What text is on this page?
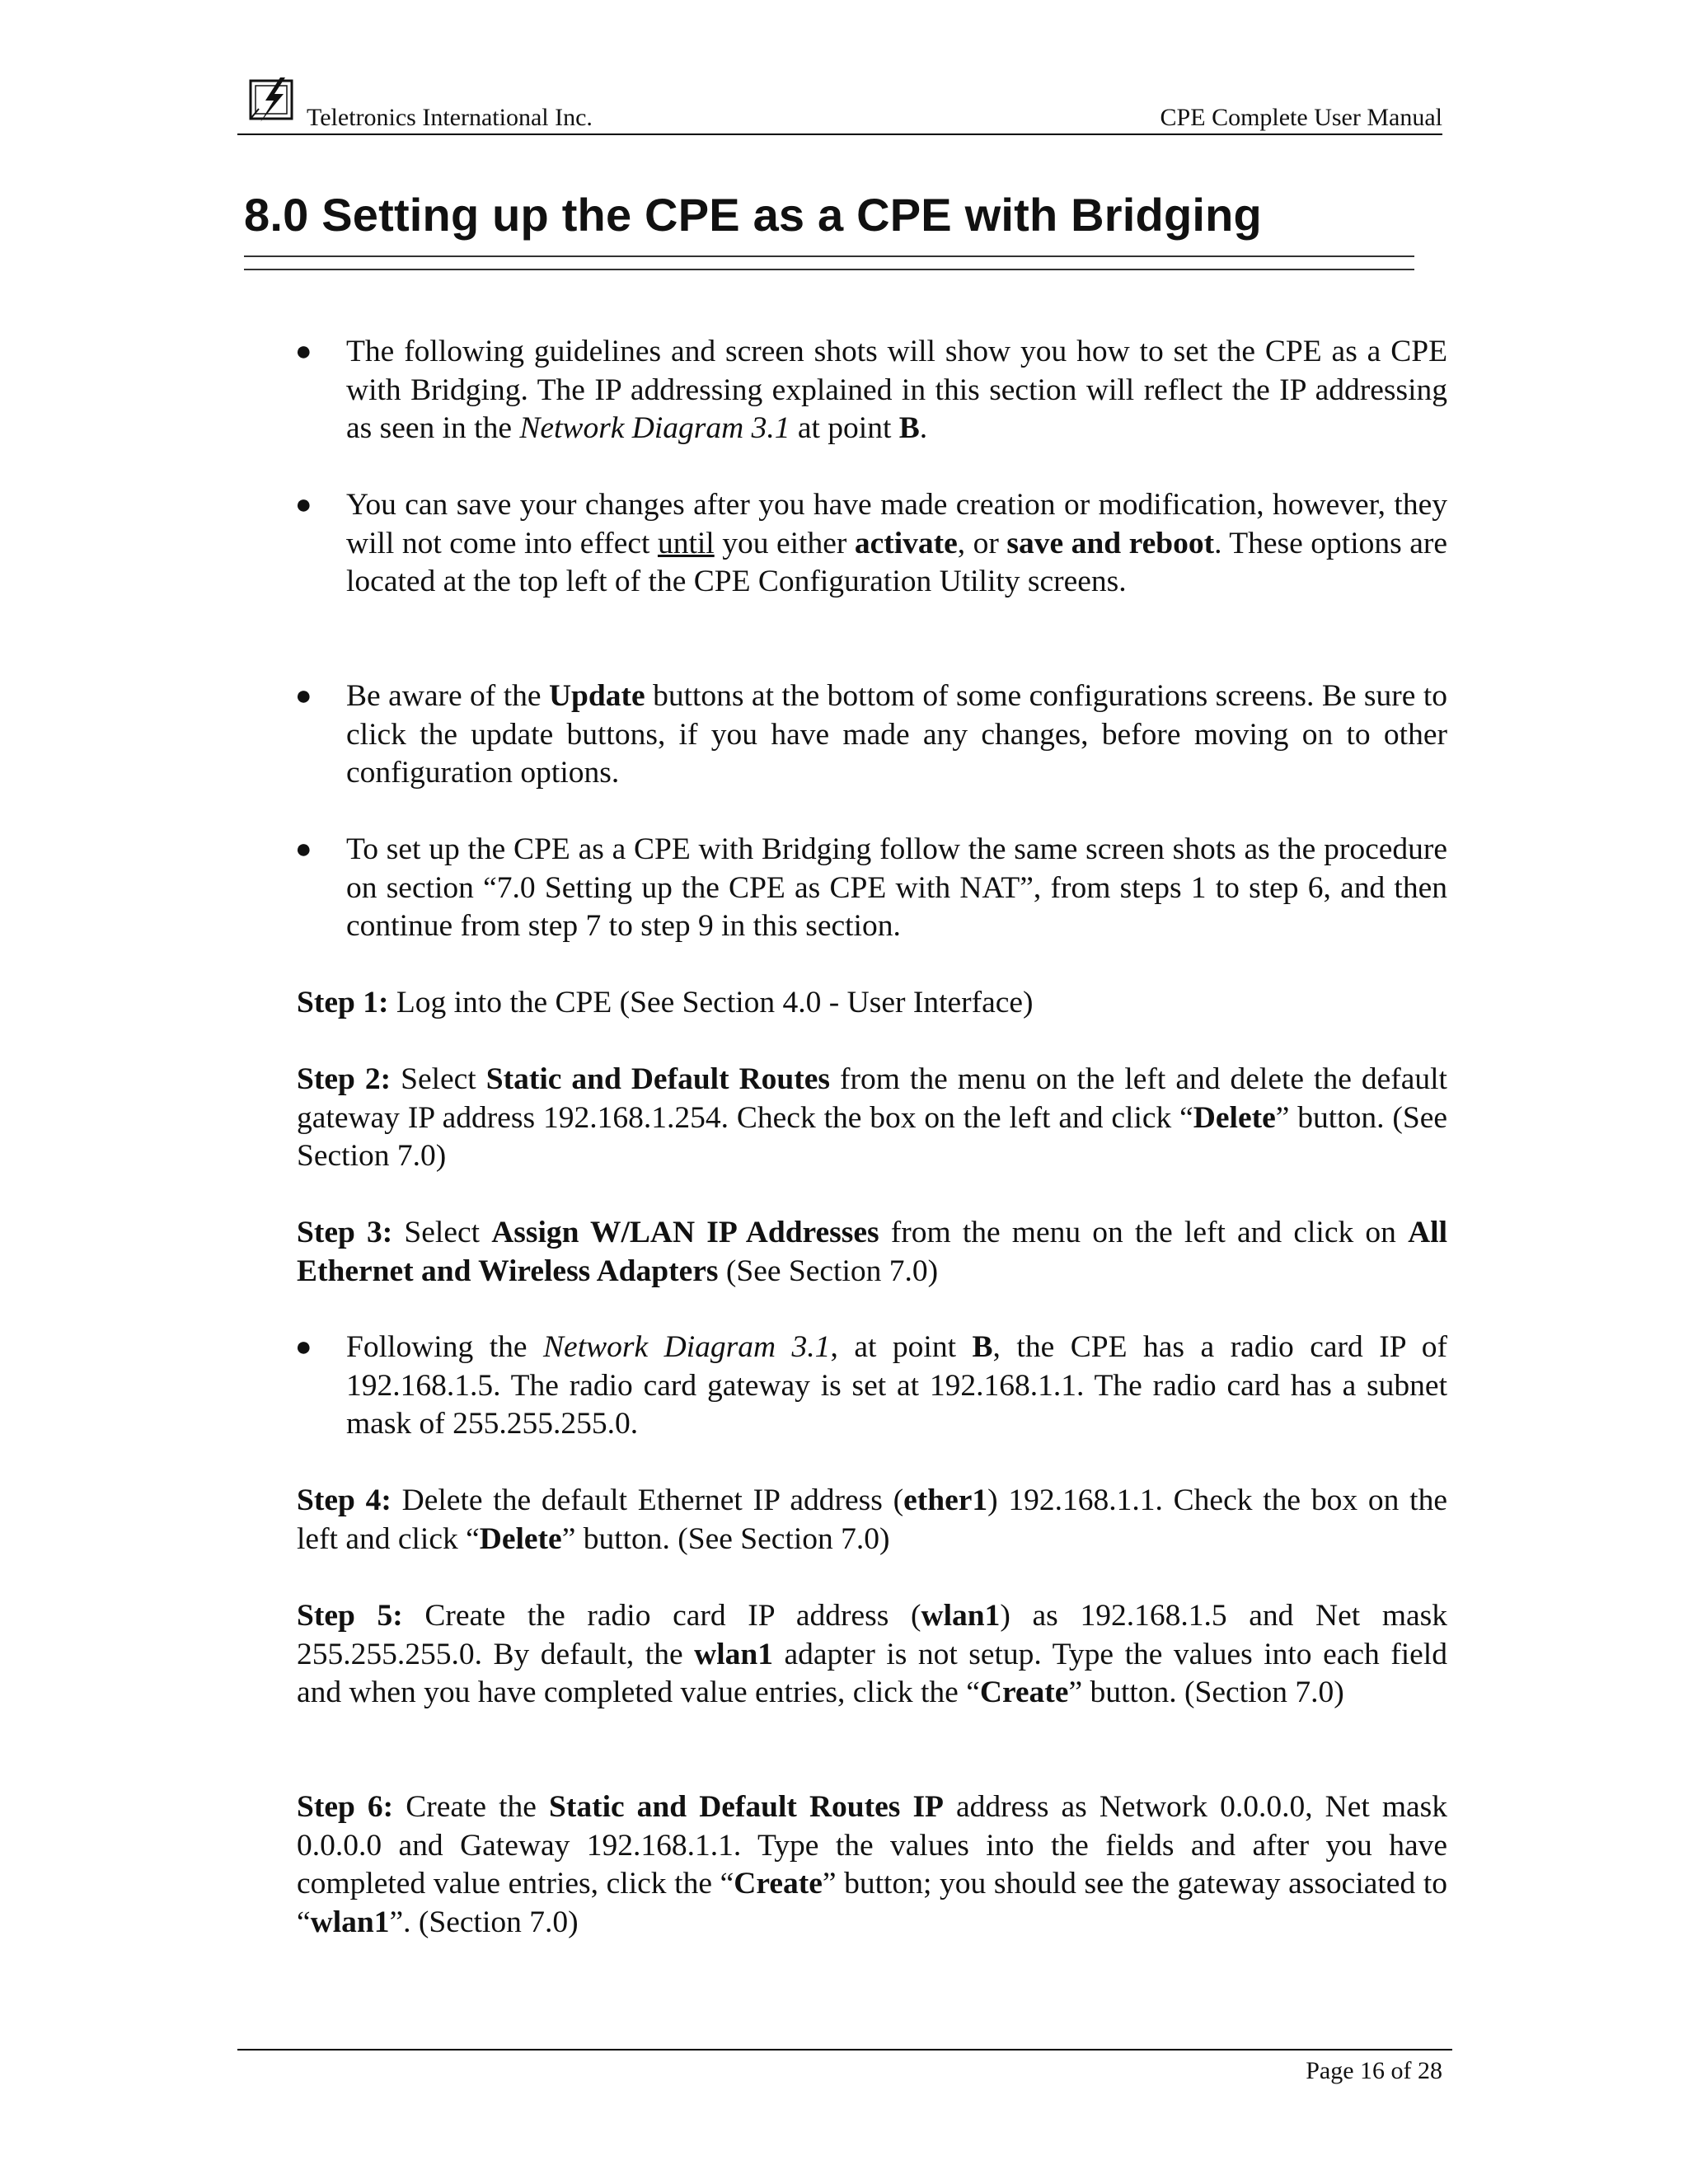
Teletronics International Inc.	CPE Complete User Manual
8.0 Setting up the CPE as a CPE with Bridging
● The following guidelines and screen shots will show you how to set the CPE as a CPE with Bridging. The IP addressing explained in this section will reflect the IP addressing as seen in the Network Diagram 3.1 at point B.

● You can save your changes after you have made creation or modification, however, they will not come into effect until you either activate, or save and reboot. These options are located at the top left of the CPE Configuration Utility screens.

● Be aware of the Update buttons at the bottom of some configurations screens. Be sure to click the update buttons, if you have made any changes, before moving on to other configuration options.

● To set up the CPE as a CPE with Bridging follow the same screen shots as the procedure on section “7.0 Setting up the CPE as CPE with NAT”, from steps 1 to step 6, and then continue from step 7 to step 9 in this section.

Step 1: Log into the CPE (See Section 4.0 - User Interface)

Step 2: Select Static and Default Routes from the menu on the left and delete the default gateway IP address 192.168.1.254. Check the box on the left and click “Delete” button. (See Section 7.0)

Step 3: Select Assign W/LAN IP Addresses from the menu on the left and click on All Ethernet and Wireless Adapters (See Section 7.0)

● Following the Network Diagram 3.1, at point B, the CPE has a radio card IP of 192.168.1.5. The radio card gateway is set at 192.168.1.1. The radio card has a subnet mask of 255.255.255.0.

Step 4: Delete the default Ethernet IP address (ether1) 192.168.1.1. Check the box on the left and click “Delete” button. (See Section 7.0)

Step 5: Create the radio card IP address (wlan1) as 192.168.1.5 and Net mask 255.255.255.0. By default, the wlan1 adapter is not setup. Type the values into each field and when you have completed value entries, click the “Create” button. (Section 7.0)

Step 6: Create the Static and Default Routes IP address as Network 0.0.0.0, Net mask 0.0.0.0 and Gateway 192.168.1.1. Type the values into the fields and after you have completed value entries, click the “Create” button; you should see the gateway associated to “wlan1”. (Section 7.0)

Page 16 of 28
